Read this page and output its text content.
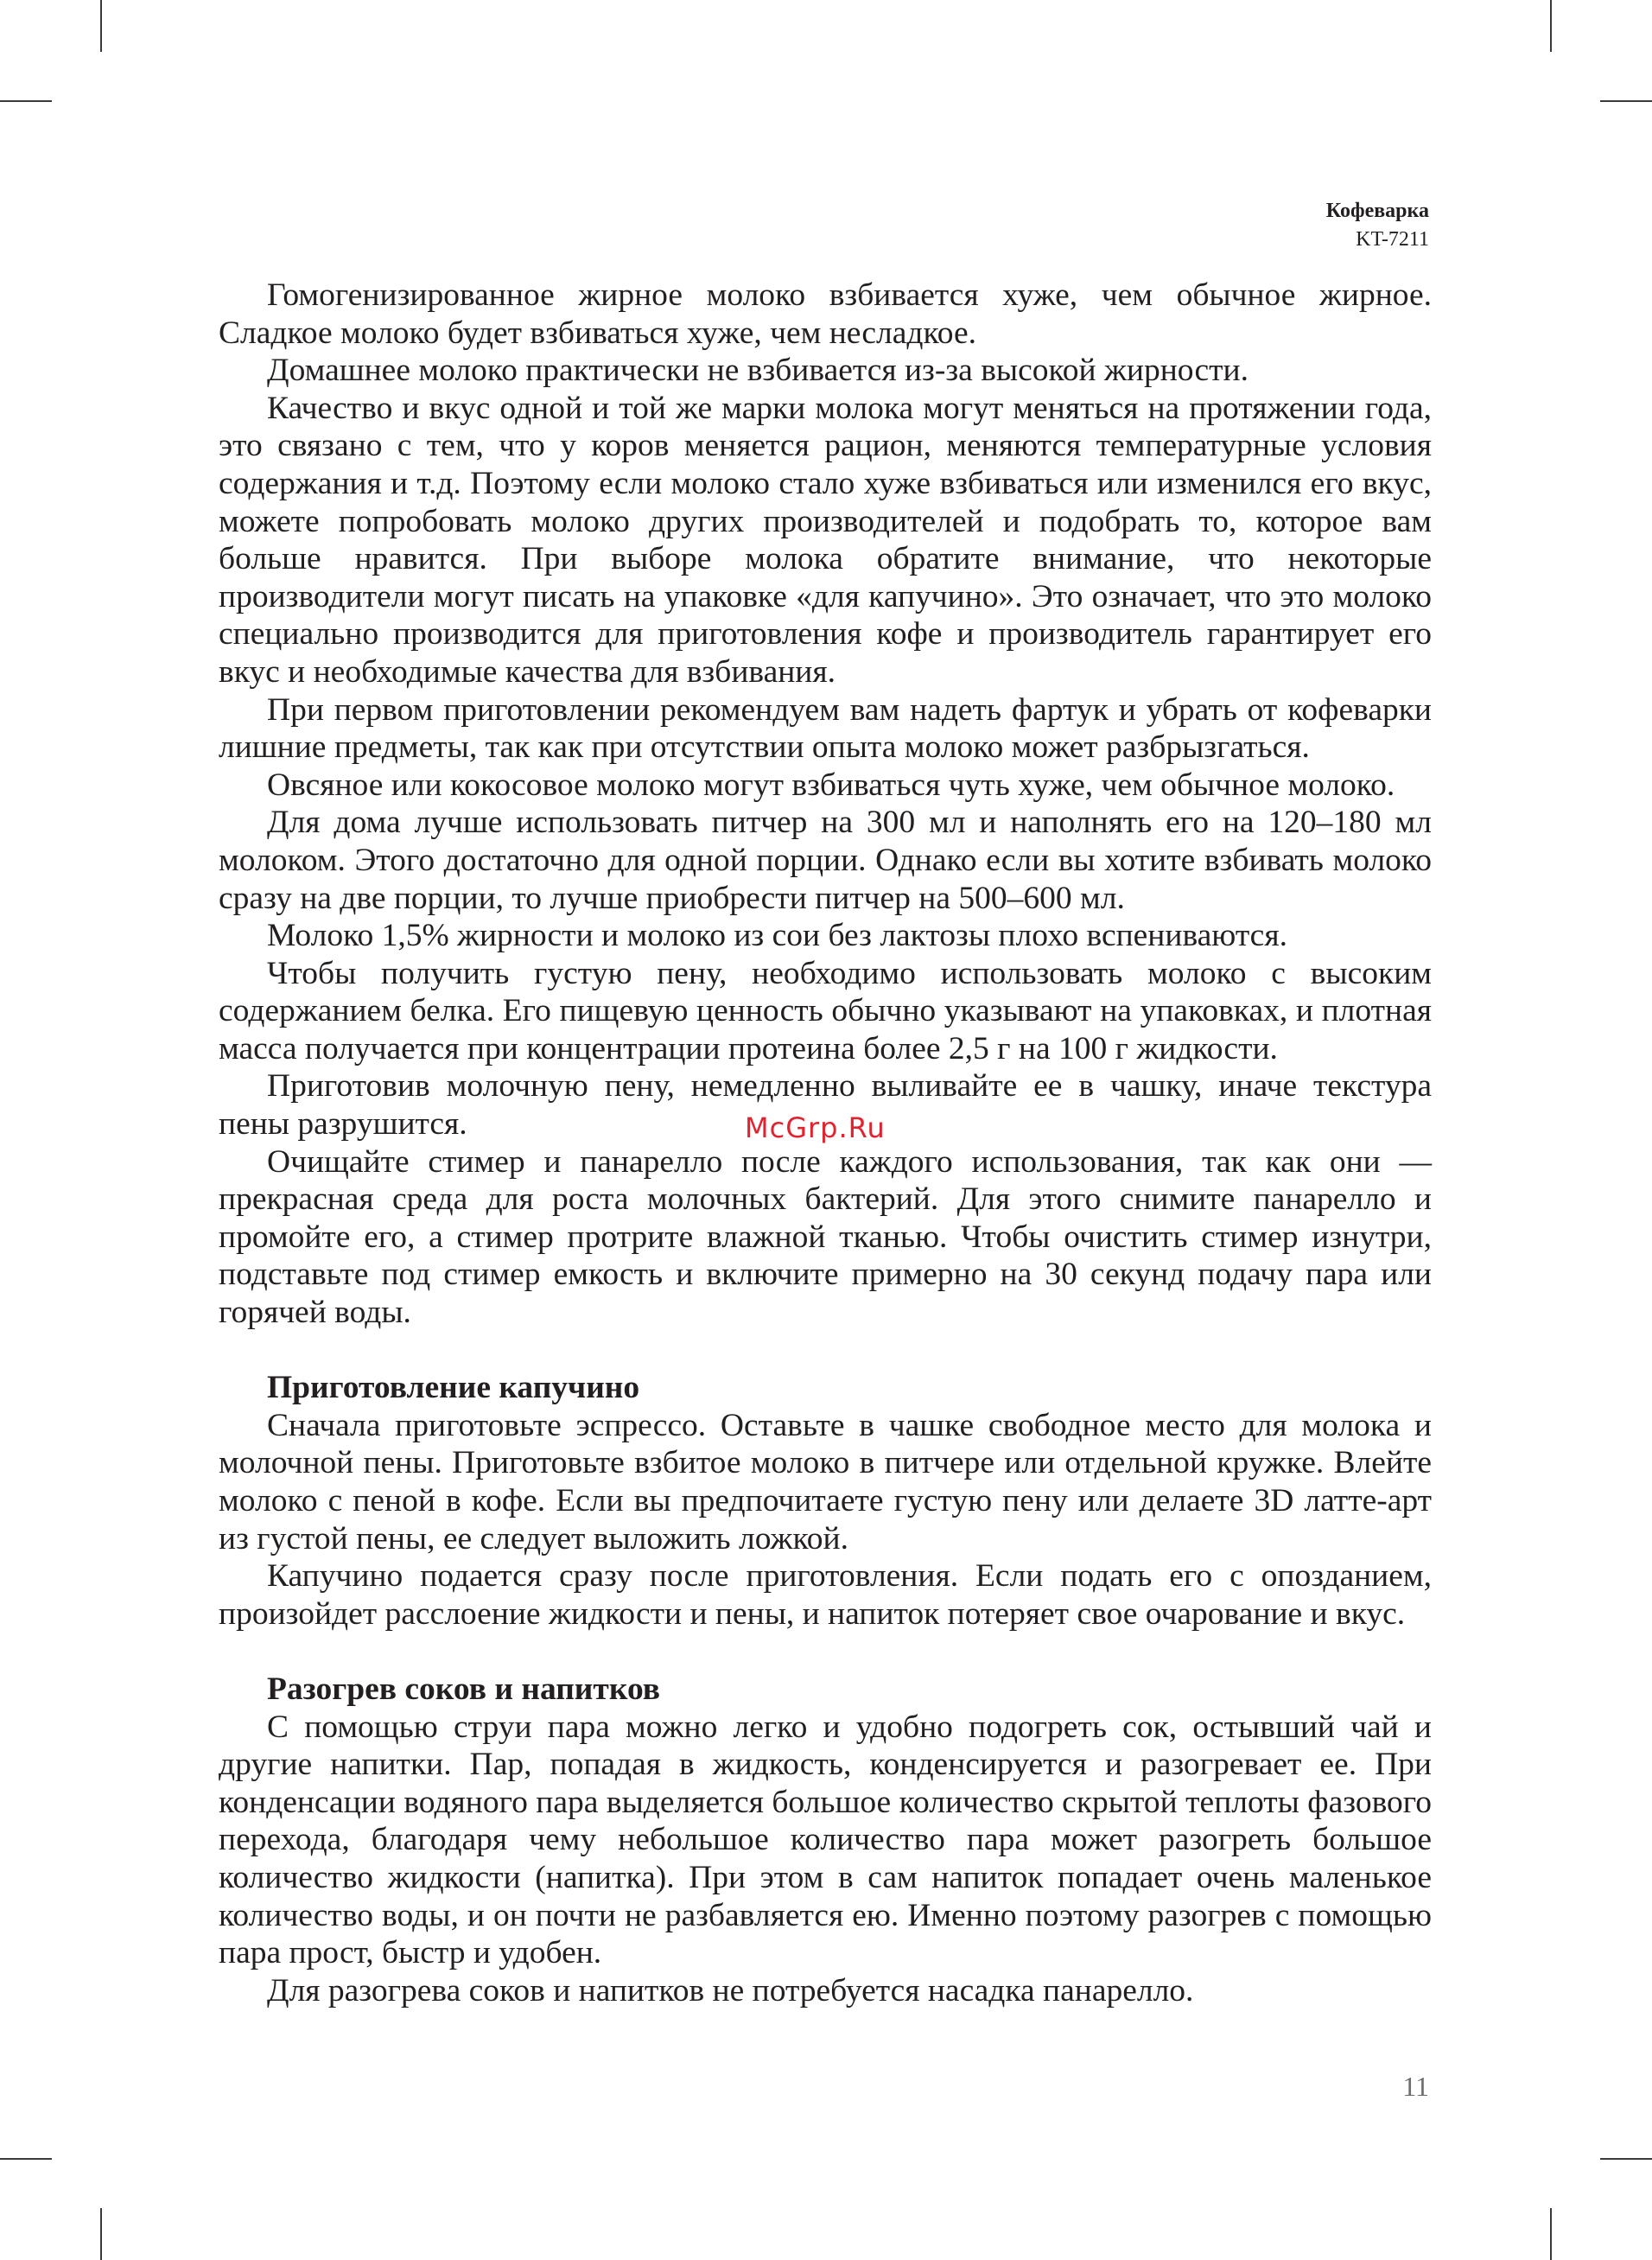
Кофеварка
KT-7211

Гомогенизированное жирное молоко взбивается хуже, чем обычное жирное. Сладкое молоко будет взбиваться хуже, чем несладкое.

Домашнее молоко практически не взбивается из-за высокой жирности.

Качество и вкус одной и той же марки молока могут меняться на протяжении года, это связано с тем, что у коров меняется рацион, меняются температурные условия содержания и т.д. Поэтому если молоко стало хуже взбиваться или изменился его вкус, можете попробовать молоко других производителей и подобрать то, которое вам больше нравится. При выборе молока обратите внимание, что некоторые производители могут писать на упаковке «для капучино». Это означает, что это молоко специально производится для приготовления кофе и производитель гарантирует его вкус и необходимые качества для взбивания.

При первом приготовлении рекомендуем вам надеть фартук и убрать от кофеварки лишние предметы, так как при отсутствии опыта молоко может разбрызгаться.

Овсяное или кокосовое молоко могут взбиваться чуть хуже, чем обычное молоко.

Для дома лучше использовать питчер на 300 мл и наполнять его на 120–180 мл молоком. Этого достаточно для одной порции. Однако если вы хотите взбивать молоко сразу на две порции, то лучше приобрести питчер на 500–600 мл.

Молоко 1,5% жирности и молоко из сои без лактозы плохо вспениваются.

Чтобы получить густую пену, необходимо использовать молоко с высоким содержанием белка. Его пищевую ценность обычно указывают на упаковках, и плотная масса получается при концентрации протеина более 2,5 г на 100 г жидкости.

Приготовив молочную пену, немедленно выливайте ее в чашку, иначе текстура пены разрушится.

Очищайте стимер и панарелло после каждого использования, так как они — прекрасная среда для роста молочных бактерий. Для этого снимите панарелло и промойте его, а стимер протрите влажной тканью. Чтобы очистить стимер изнутри, подставьте под стимер емкость и включите примерно на 30 секунд подачу пара или горячей воды.

Приготовление капучино

Сначала приготовьте эспрессо. Оставьте в чашке свободное место для молока и молочной пены. Приготовьте взбитое молоко в питчере или отдельной кружке. Влейте молоко с пеной в кофе. Если вы предпочитаете густую пену или делаете 3D латте-арт из густой пены, ее следует выложить ложкой.

Капучино подается сразу после приготовления. Если подать его с опозданием, произойдет расслоение жидкости и пены, и напиток потеряет свое очарование и вкус.

Разогрев соков и напитков

С помощью струи пара можно легко и удобно подогреть сок, остывший чай и другие напитки. Пар, попадая в жидкость, конденсируется и разогревает ее. При конденсации водяного пара выделяется большое количество скрытой теплоты фазового перехода, благодаря чему небольшое количество пара может разогреть большое количество жидкости (напитка). При этом в сам напиток попадает очень маленькое количество воды, и он почти не разбавляется ею. Именно поэтому разогрев с помощью пара прост, быстр и удобен.

Для разогрева соков и напитков не потребуется насадка панарелло.

McGrp.Ru
11
